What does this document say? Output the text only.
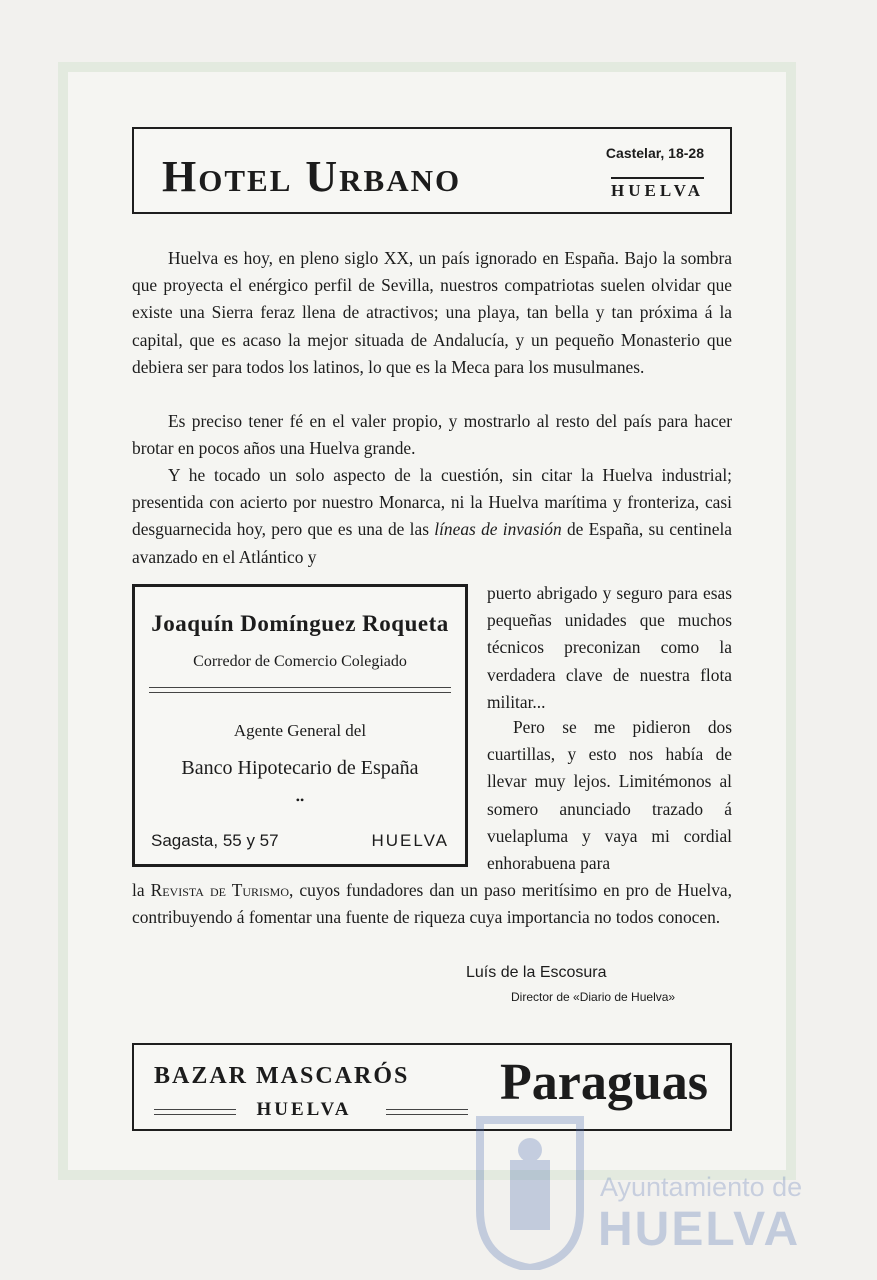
Hotel Urbano	Castelar, 18-28
HUELVA

Huelva es hoy, en pleno siglo XX, un país ignorado en España. Bajo la sombra que proyecta el enérgico perfil de Sevilla, nuestros compatriotas suelen olvidar que existe una Sierra feraz llena de atractivos; una playa, tan bella y tan próxima á la capital, que es acaso la mejor situada de Andalucía, y un pequeño Monasterio que debiera ser para todos los latinos, lo que es la Meca para los musulmanes.

Es preciso tener fé en el valer propio, y mostrarlo al resto del país para hacer brotar en pocos años una Huelva grande.

Y he tocado un solo aspecto de la cuestión, sin citar la Huelva industrial; presentida con acierto por nuestro Monarca, ni la Huelva marítima y fronteriza, casi desguarnecida hoy, pero que es una de las líneas de invasión de España, su centinela avanzado en el Atlántico y

puerto abrigado y seguro para esas pequeñas unidades que muchos técnicos preconizan como la verdadera clave de nuestra flota militar...

Pero se me pidieron dos cuartillas, y esto nos había de llevar muy lejos. Limitémonos al somero anunciado trazado á vuelapluma y vaya mi cordial enhorabuena para

la Revista de Turismo, cuyos fundadores dan un paso meritísimo en pro de Huelva, contribuyendo á fomentar una fuente de riqueza cuya importancia no todos conocen.

Joaquín Domínguez Roqueta
Corredor de Comercio Colegiado
Agente General del
Banco Hipotecario de España
••
Sagasta, 55 y 57	HUELVA
Luís de la Escosura
Director de «Diario de Huelva»
BAZAR MASCARÓS
HUELVA	Paraguas
Ayuntamiento de
HUELVA
